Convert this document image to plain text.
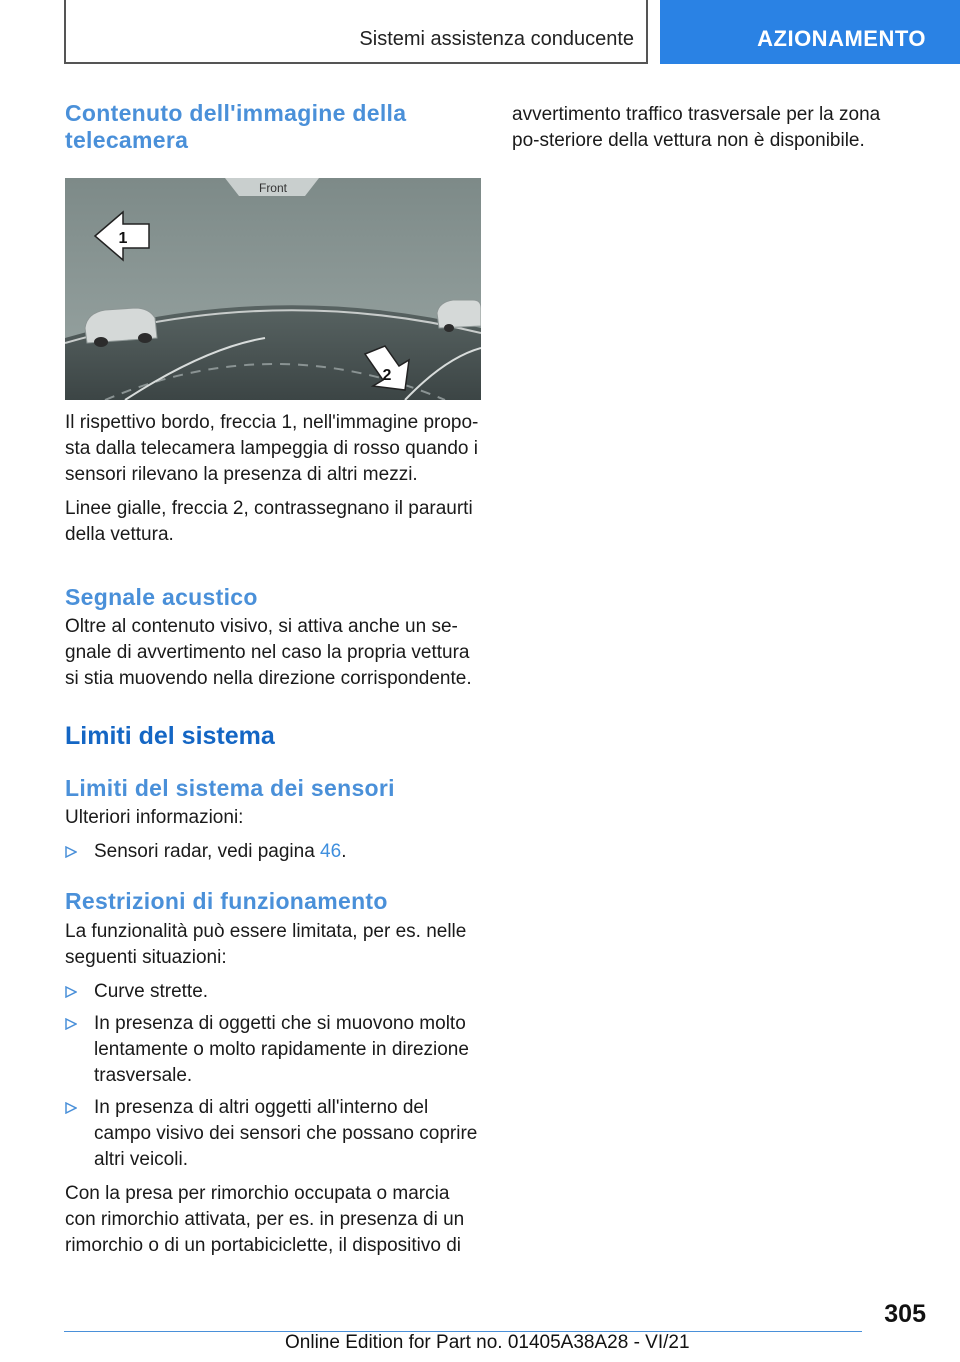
Sistemi assistenza conducente	AZIONAMENTO
Contenuto dell'immagine della telecamera
Front
1
2

Il rispettivo bordo, freccia 1, nell'immagine propo-sta dalla telecamera lampeggia di rosso quando i sensori rilevano la presenza di altri mezzi.

Linee gialle, freccia 2, contrassegnano il paraurti della vettura.

Segnale acustico

Oltre al contenuto visivo, si attiva anche un se-gnale di avvertimento nel caso la propria vettura si stia muovendo nella direzione corrispondente.

Limiti del sistema
Limiti del sistema dei sensori

Ulteriori informazioni:

Sensori radar, vedi pagina 46.
Restrizioni di funzionamento

La funzionalità può essere limitata, per es. nelle seguenti situazioni:

Curve strette.
In presenza di oggetti che si muovono molto lentamente o molto rapidamente in direzione trasversale.
In presenza di altri oggetti all'interno del campo visivo dei sensori che possano coprire altri veicoli.

Con la presa per rimorchio occupata o marcia con rimorchio attivata, per es. in presenza di un rimorchio o di un portabiciclette, il dispositivo di

avvertimento traffico trasversale per la zona po-steriore della vettura non è disponibile.

305
Online Edition for Part no. 01405A38A28 - VI/21
